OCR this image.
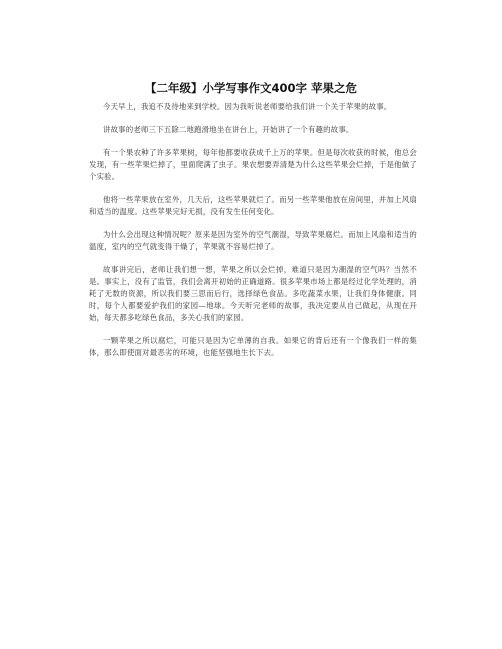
【二年级】小学写事作文400字 苹果之危

今天早上，我追不及待地来到学校。因为我听说老师要给我们讲一个关于苹果的故事。

讲故事的老师三下五除二地跑滑地坐在讲台上，开始讲了一个有趣的故事。

有一个果农种了许多苹果树，每年他都要收获成千上万的苹果。但是每次收获的时候，他总会发现，有一些苹果烂掉了，里面爬满了虫子。果农想要弄清楚为什么这些苹果会烂掉，于是他做了个实验。

他将一些苹果放在室外，几天后，这些苹果就烂了。而另一些苹果他放在房间里，并加上风扇和适当的温度。这些苹果完好无损，没有发生任何变化。

为什么会出现这种情况呢？原来是因为室外的空气潮湿，导致苹果腐烂。而加上风扇和适当的温度，室内的空气就变得干燥了，苹果就不容易烂掉了。

故事讲完后，老师让我们想一想，苹果之所以会烂掉，难道只是因为潮湿的空气吗？当然不是。事实上，没有了监管，我们会离开初始的正确道路。很多苹果市场上都是经过化学处理的，消耗了无数的资源，所以我们要三思而后行，选择绿色食品。多吃蔬菜水果，让我们身体健康。同时，每个人都要爱护我们的家园—地球。今天听完老师的故事，我决定要从自己做起，从现在开始，每天都多吃绿色食品，多关心我们的家园。

一颗苹果之所以腐烂，可能只是因为它单薄的自我。如果它的背后还有一个像我们一样的集体，那么即使面对最恶劣的环境，也能坚强地生长下去。
